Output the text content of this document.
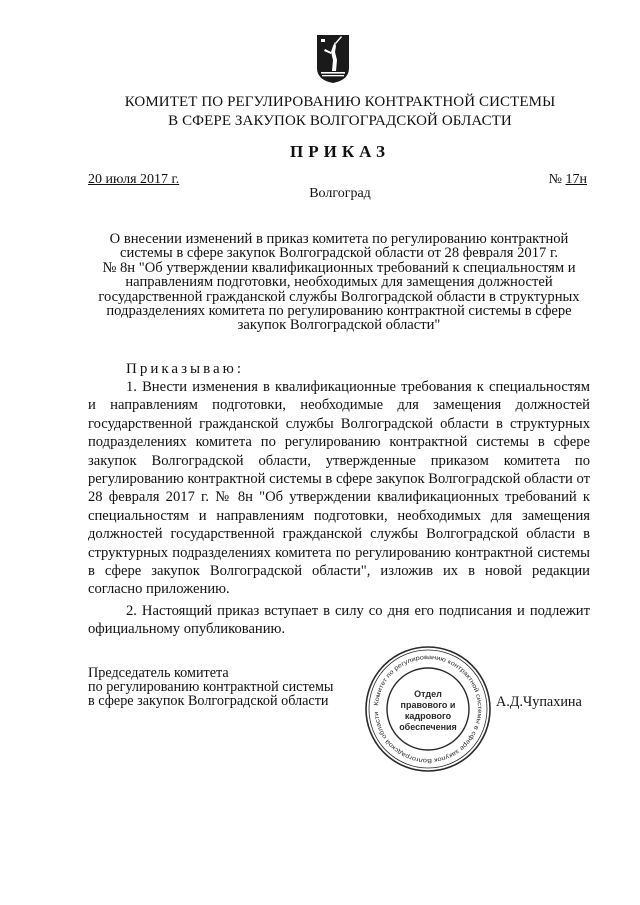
КОМИТЕТ ПО РЕГУЛИРОВАНИЮ КОНТРАКТНОЙ СИСТЕМЫ
В СФЕРЕ ЗАКУПОК ВОЛГОГРАДСКОЙ ОБЛАСТИ
ПРИКАЗ
20 июля 2017 г.	№ 17н
Волгоград
О внесении изменений в приказ комитета по регулированию контрактной
системы в сфере закупок Волгоградской области от 28 февраля 2017 г.
№ 8н "Об утверждении квалификационных требований к специальностям и
направлениям подготовки, необходимых для замещения должностей
государственной гражданской службы Волгоградской области в структурных
подразделениях комитета по регулированию контрактной системы в сфере
закупок Волгоградской области"
Приказываю:

1. Внести изменения в квалификационные требования к специальностям и направлениям подготовки, необходимые для замещения должностей государственной гражданской службы Волгоградской области в структурных подразделениях комитета по регулированию контрактной системы в сфере закупок Волгоградской области, утвержденные приказом комитета по регулированию контрактной системы в сфере закупок Волгоградской области от 28 февраля 2017 г. № 8н "Об утверждении квалификационных требований к специальностям и направлениям подготовки, необходимых для замещения должностей государственной гражданской службы Волгоградской области в структурных подразделениях комитета по регулированию контрактной системы в сфере закупок Волгоградской области", изложив их в новой редакции согласно приложению.

2. Настоящий приказ вступает в силу со дня его подписания и подлежит официальному опубликованию.

Председатель комитета
по регулированию контрактной системы
в сфере закупок Волгоградской области	Комитет по регулированию контрактной системы в сфере закупок Волгоградской области
Отдел
правового и
кадрового
обеспечения
А.Д.Чупахина
